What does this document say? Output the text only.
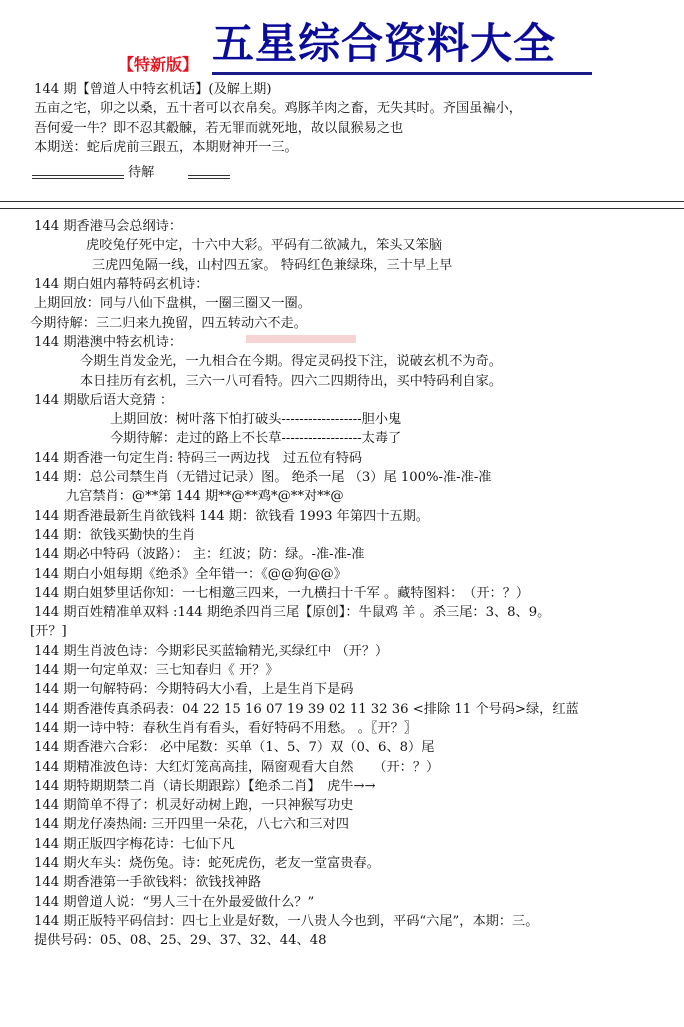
【特新版】 五星综合资料大全
144 期【曾道人中特玄机话】(及解上期)
五亩之宅，卯之以桑，五十者可以衣帛矣。鸡豚羊肉之畜，无失其时。齐国虽褊小，
吾何爱一牛？即不忍其觳觫，若无罪而就死地，故以鼠猴易之也
本期送：蛇后虎前三跟五，本期财神开一三。
待解
144 期香港马会总纲诗：
虎咬兔仔死中定，十六中大彩。平码有二欲减九，笨头又笨脑
三虎四兔隔一线，山村四五家。 特码红色兼绿珠，三十早上早
144 期白姐内幕特码玄机诗：
上期回放：同与八仙下盘棋，一圈三圈又一圈。
今期待解：三二归来九挽留，四五转动六不走。
144 期港澳中特玄机诗：
今期生肖发金光，一九相合在今期。得定灵码投下注，说破玄机不为奇。
本日挂历有玄机，三六一八可看特。四六二四期待出，买中特码利自家。
144 期歇后语大竞猜 ：
上期回放：树叶落下怕打破头------------------胆小鬼
今期待解：走过的路上不长草------------------太毒了
144 期香港一句定生肖: 特码三一两边找　过五位有特码
144 期：总公司禁生肖（无错过记录）图。 绝杀一尾 （3）尾 100%-准-准-准
九宫禁肖：@**第 144 期**@**鸡*@**对**@
144 期香港最新生肖欲钱料 144 期：欲钱看 1993 年第四十五期。
144 期：欲钱买勤快的生肖
144 期必中特码（波路）： 主：红波；防：绿。-准-准-准
144 期白小姐每期《绝杀》全年错一：《@@狗@@》
144 期白姐梦里话你知：一七相邀三四来，一九横扫十千军 。藏特图料：　（开：？）
144 期百姓精准单双料 :144 期绝杀四肖三尾【原创】：牛鼠鸡 羊 。杀三尾：3、8、9。
[开？]
144 期生肖波色诗：今期彩民买蓝输精光,买绿红中 （开？）
144 期一句定单双：三七知春归《 开？》
144 期一句解特码：今期特码大小看，上是生肖下是码
144 期香港传真杀码表：04 22 15 16 07 19 39 02 11 32 36 <排除 11 个号码>绿，红蓝
144 期一诗中特：春秋生肖有看头，看好特码不用愁。 。〖开？〗
144 期香港六合彩： 必中尾数：买单（1、5、7）双（0、6、8）尾
144 期精准波色诗：大红灯笼高高挂，隔窗观看大自然　　（开：？）
144 期特期期禁二肖（请长期跟踪）【绝杀二肖】　虎牛→→
144 期简单不得了：机灵好动树上跑，一只神猴写功史
144 期龙仔凑热闹: 三开四里一朵花，八七六和三对四
144 期正版四字梅花诗：七仙下凡
144 期火车头：烧伤兔。诗：蛇死虎伤，老友一堂富贵春。
144 期香港第一手欲钱料：欲钱找神路
144 期曾道人说：“男人三十在外最爱做什么？”
144 期正版特平码信封：四七上业是好数，一八贵人今也到，平码“六尾”，本期：三。
提供号码：05、08、25、29、37、32、44、48
